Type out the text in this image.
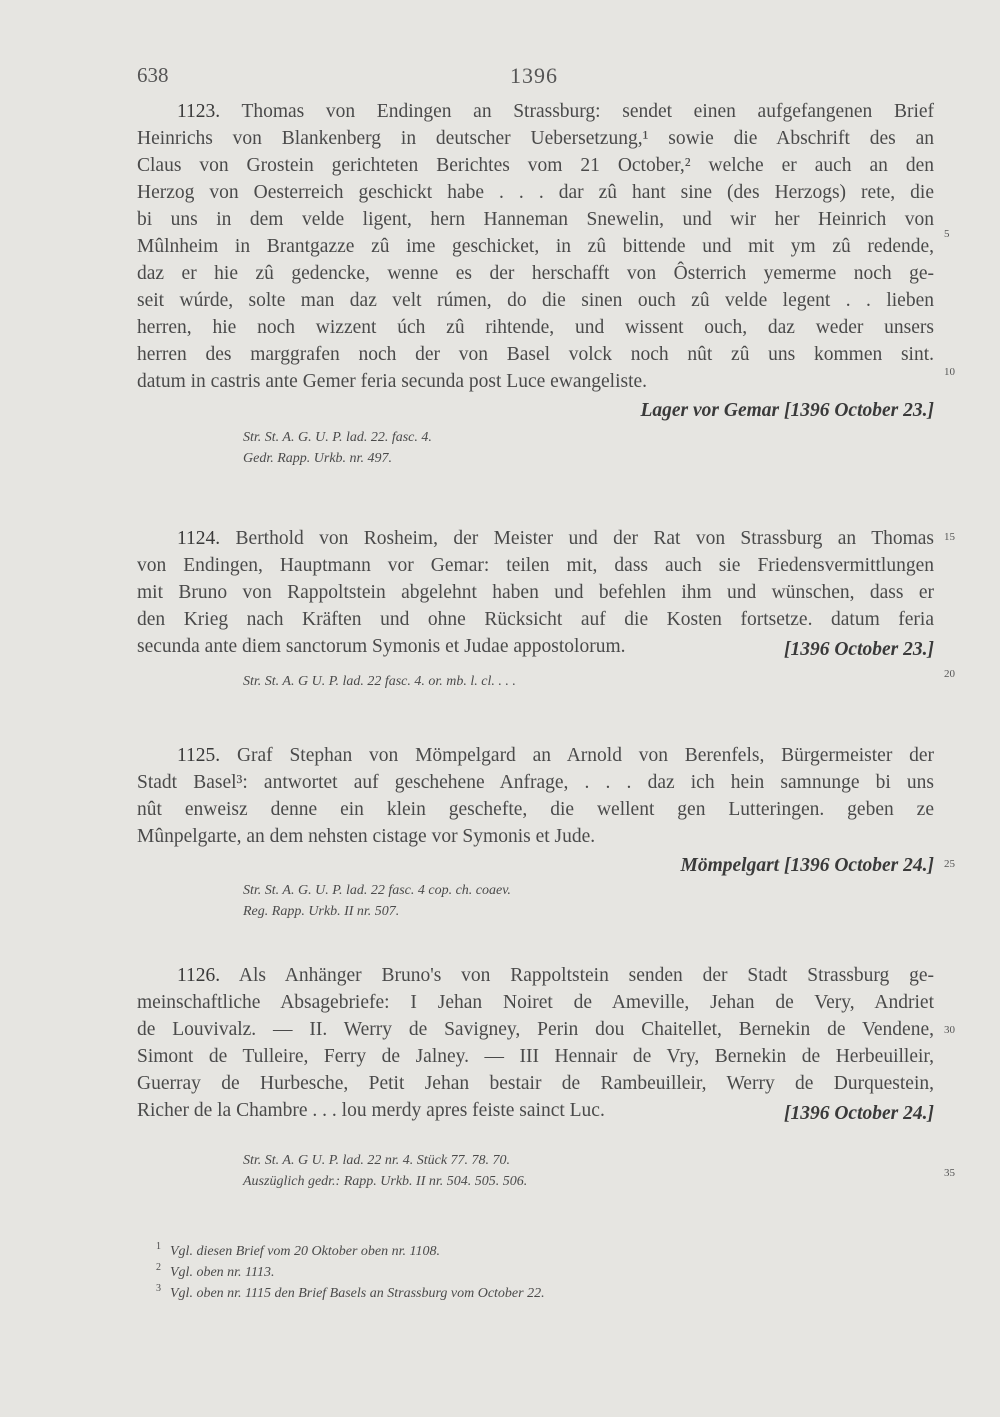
638	1396
1123. Thomas von Endingen an Strassburg: sendet einen aufgefangenen Brief
Heinrichs von Blankenberg in deutscher Uebersetzung,¹ sowie die Abschrift des an
Claus von Grostein gerichteten Berichtes vom 21 October,² welche er auch an den
Herzog von Oesterreich geschickt habe . . . dar zû hant sine (des Herzogs) rete, die
bi uns in dem velde ligent, hern Hanneman Snewelin, und wir her Heinrich von
Mûlnheim in Brantgazze zû ime geschicket, in zû bittende und mit ym zû redende,
daz er hie zû gedencke, wenne es der herschafft von Ôsterrich yemerme noch ge-
seit wúrde, solte man daz velt rúmen, do die sinen ouch zû velde legent . . lieben
herren, hie noch wizzent úch zû rihtende, und wissent ouch, daz weder unsers
herren des marggrafen noch der von Basel volck noch nût zû uns kommen sint.
datum in castris ante Gemer feria secunda post Luce ewangeliste.
Lager vor Gemar [1396 October 23.]
Str. St. A. G. U. P. lad. 22. fasc. 4.
Gedr. Rapp. Urkb. nr. 497.
1124. Berthold von Rosheim, der Meister und der Rat von Strassburg an Thomas
von Endingen, Hauptmann vor Gemar: teilen mit, dass auch sie Friedensvermittlungen
mit Bruno von Rappoltstein abgelehnt haben und befehlen ihm und wünschen, dass er
den Krieg nach Kräften und ohne Rücksicht auf die Kosten fortsetze. datum feria
secunda ante diem sanctorum Symonis et Judae appostolorum.	[1396 October 23.]
Str. St. A. G U. P. lad. 22 fasc. 4. or. mb. l. cl. . . .
1125. Graf Stephan von Mömpelgard an Arnold von Berenfels, Bürgermeister der
Stadt Basel³: antwortet auf geschehene Anfrage, . . . daz ich hein samnunge bi uns
nût enweisz denne ein klein geschefte, die wellent gen Lutteringen. geben ze
Mûnpelgarte, an dem nehsten cistage vor Symonis et Jude.
Mömpelgart [1396 October 24.]
Str. St. A. G. U. P. lad. 22 fasc. 4 cop. ch. coaev.
Reg. Rapp. Urkb. II nr. 507.
1126. Als Anhänger Bruno's von Rappoltstein senden der Stadt Strassburg ge-
meinschaftliche Absagebriefe: I Jehan Noiret de Ameville, Jehan de Very, Andriet
de Louvivalz. — II. Werry de Savigney, Perin dou Chaitellet, Bernekin de Vendene,
Simont de Tulleire, Ferry de Jalney. — III Hennair de Vry, Bernekin de Herbeuilleir,
Guerray de Hurbesche, Petit Jehan bestair de Rambeuilleir, Werry de Durquestein,
Richer de la Chambre . . . lou merdy apres feiste sainct Luc.	[1396 October 24.]
Str. St. A. G U. P. lad. 22 nr. 4. Stück 77. 78. 70.
Auszüglich gedr.: Rapp. Urkb. II nr. 504. 505. 506.
5
10
15
20
25
30
35
1 Vgl. diesen Brief vom 20 Oktober oben nr. 1108.
2 Vgl. oben nr. 1113.
3 Vgl. oben nr. 1115 den Brief Basels an Strassburg vom October 22.
